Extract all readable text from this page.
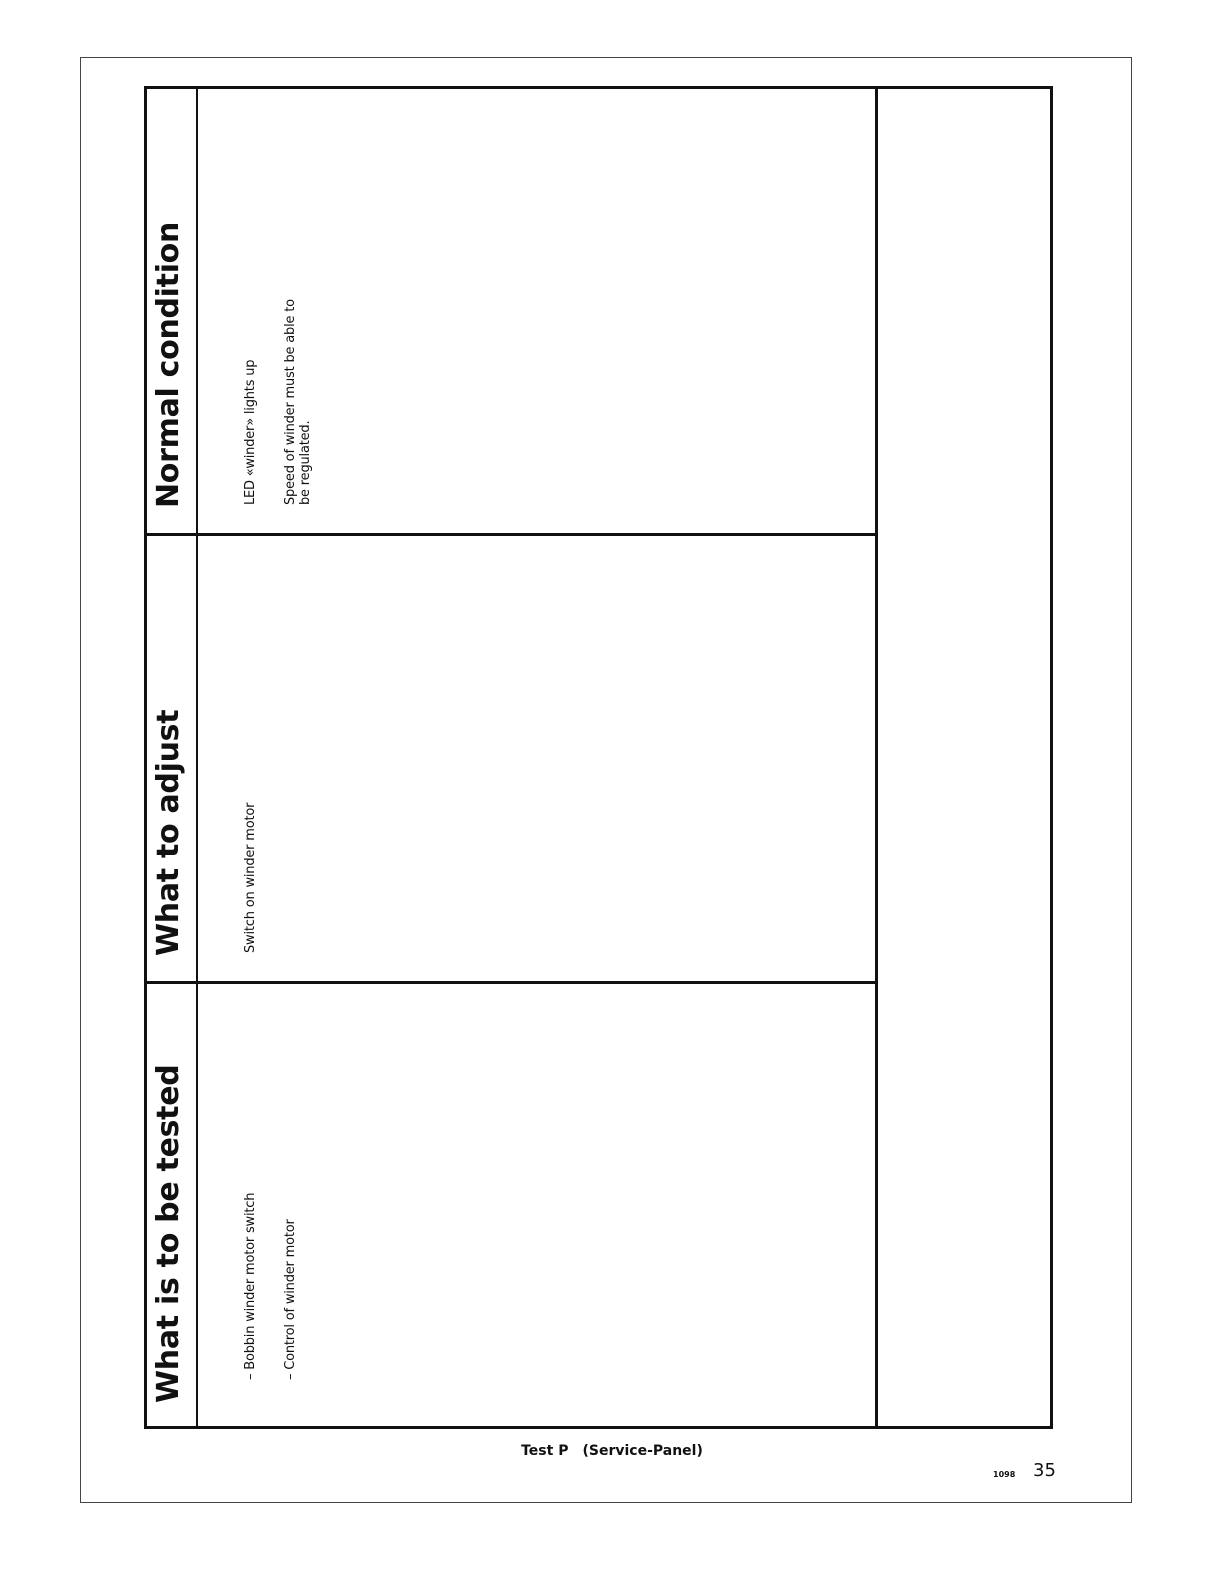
What is to be tested
What to adjust
Normal condition
– Bobbin winder motor switch – Control of winder motor
Switch on winder motor
LED «winder» lights up Speed of winder must be able to be regulated.
Test P (Service-Panel)
1098 35
